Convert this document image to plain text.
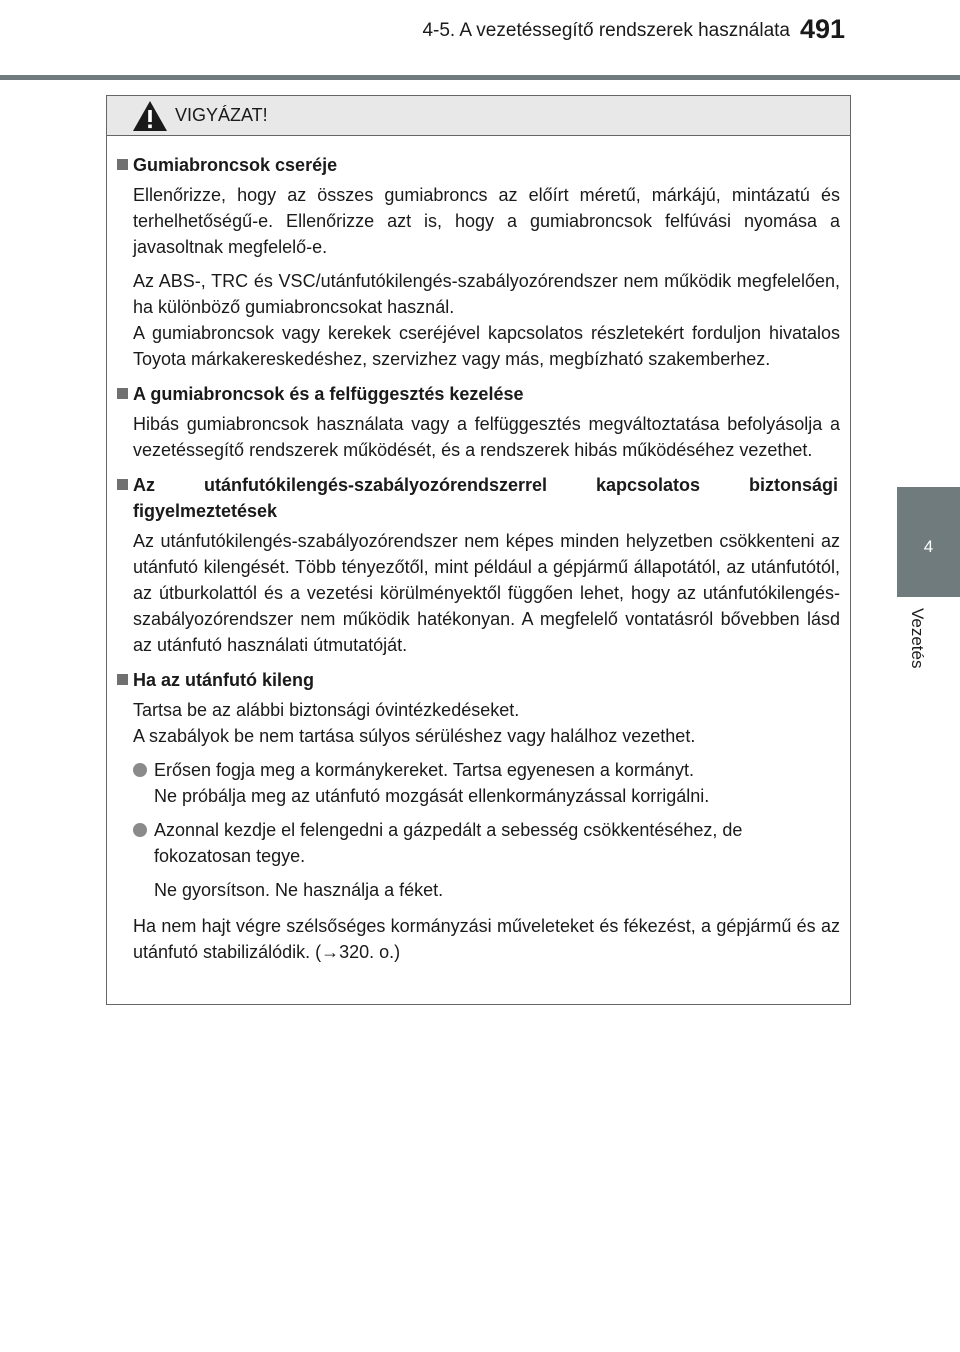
4-5. A vezetéssegítő rendszerek használata 491
4
Vezetés
VIGYÁZAT!
Gumiabroncsok cseréje
Ellenőrizze, hogy az összes gumiabroncs az előírt méretű, márkájú, mintázatú és terhelhetőségű-e. Ellenőrizze azt is, hogy a gumiabroncsok felfúvási nyomása a javasoltnak megfelelő-e.
Az ABS-, TRC és VSC/utánfutókilengés-szabályozórendszer nem működik megfelelően, ha különböző gumiabroncsokat használ.
A gumiabroncsok vagy kerekek cseréjével kapcsolatos részletekért forduljon hivatalos Toyota márkakereskedéshez, szervizhez vagy más, megbízható szakemberhez.
A gumiabroncsok és a felfüggesztés kezelése
Hibás gumiabroncsok használata vagy a felfüggesztés megváltoztatása befolyásolja a vezetéssegítő rendszerek működését, és a rendszerek hibás működéséhez vezethet.
Az utánfutókilengés-szabályozórendszerrel kapcsolatos biztonsági figyelmeztetések
Az utánfutókilengés-szabályozórendszer nem képes minden helyzetben csökkenteni az utánfutó kilengését. Több tényezőtől, mint például a gépjármű állapotától, az utánfutótól, az útburkolattól és a vezetési körülményektől függően lehet, hogy az utánfutókilengés-szabályozórendszer nem működik hatékonyan. A megfelelő vontatásról bővebben lásd az utánfutó használati útmutatóját.
Ha az utánfutó kileng
Tartsa be az alábbi biztonsági óvintézkedéseket.
A szabályok be nem tartása súlyos sérüléshez vagy halálhoz vezethet.
Erősen fogja meg a kormánykereket. Tartsa egyenesen a kormányt.
Ne próbálja meg az utánfutó mozgását ellenkormányzással korrigálni.
Azonnal kezdje el felengedni a gázpedált a sebesség csökkentéséhez, de fokozatosan tegye.
Ne gyorsítson. Ne használja a féket.
Ha nem hajt végre szélsőséges kormányzási műveleteket és fékezést, a gépjármű és az utánfutó stabilizálódik. (→320. o.)
